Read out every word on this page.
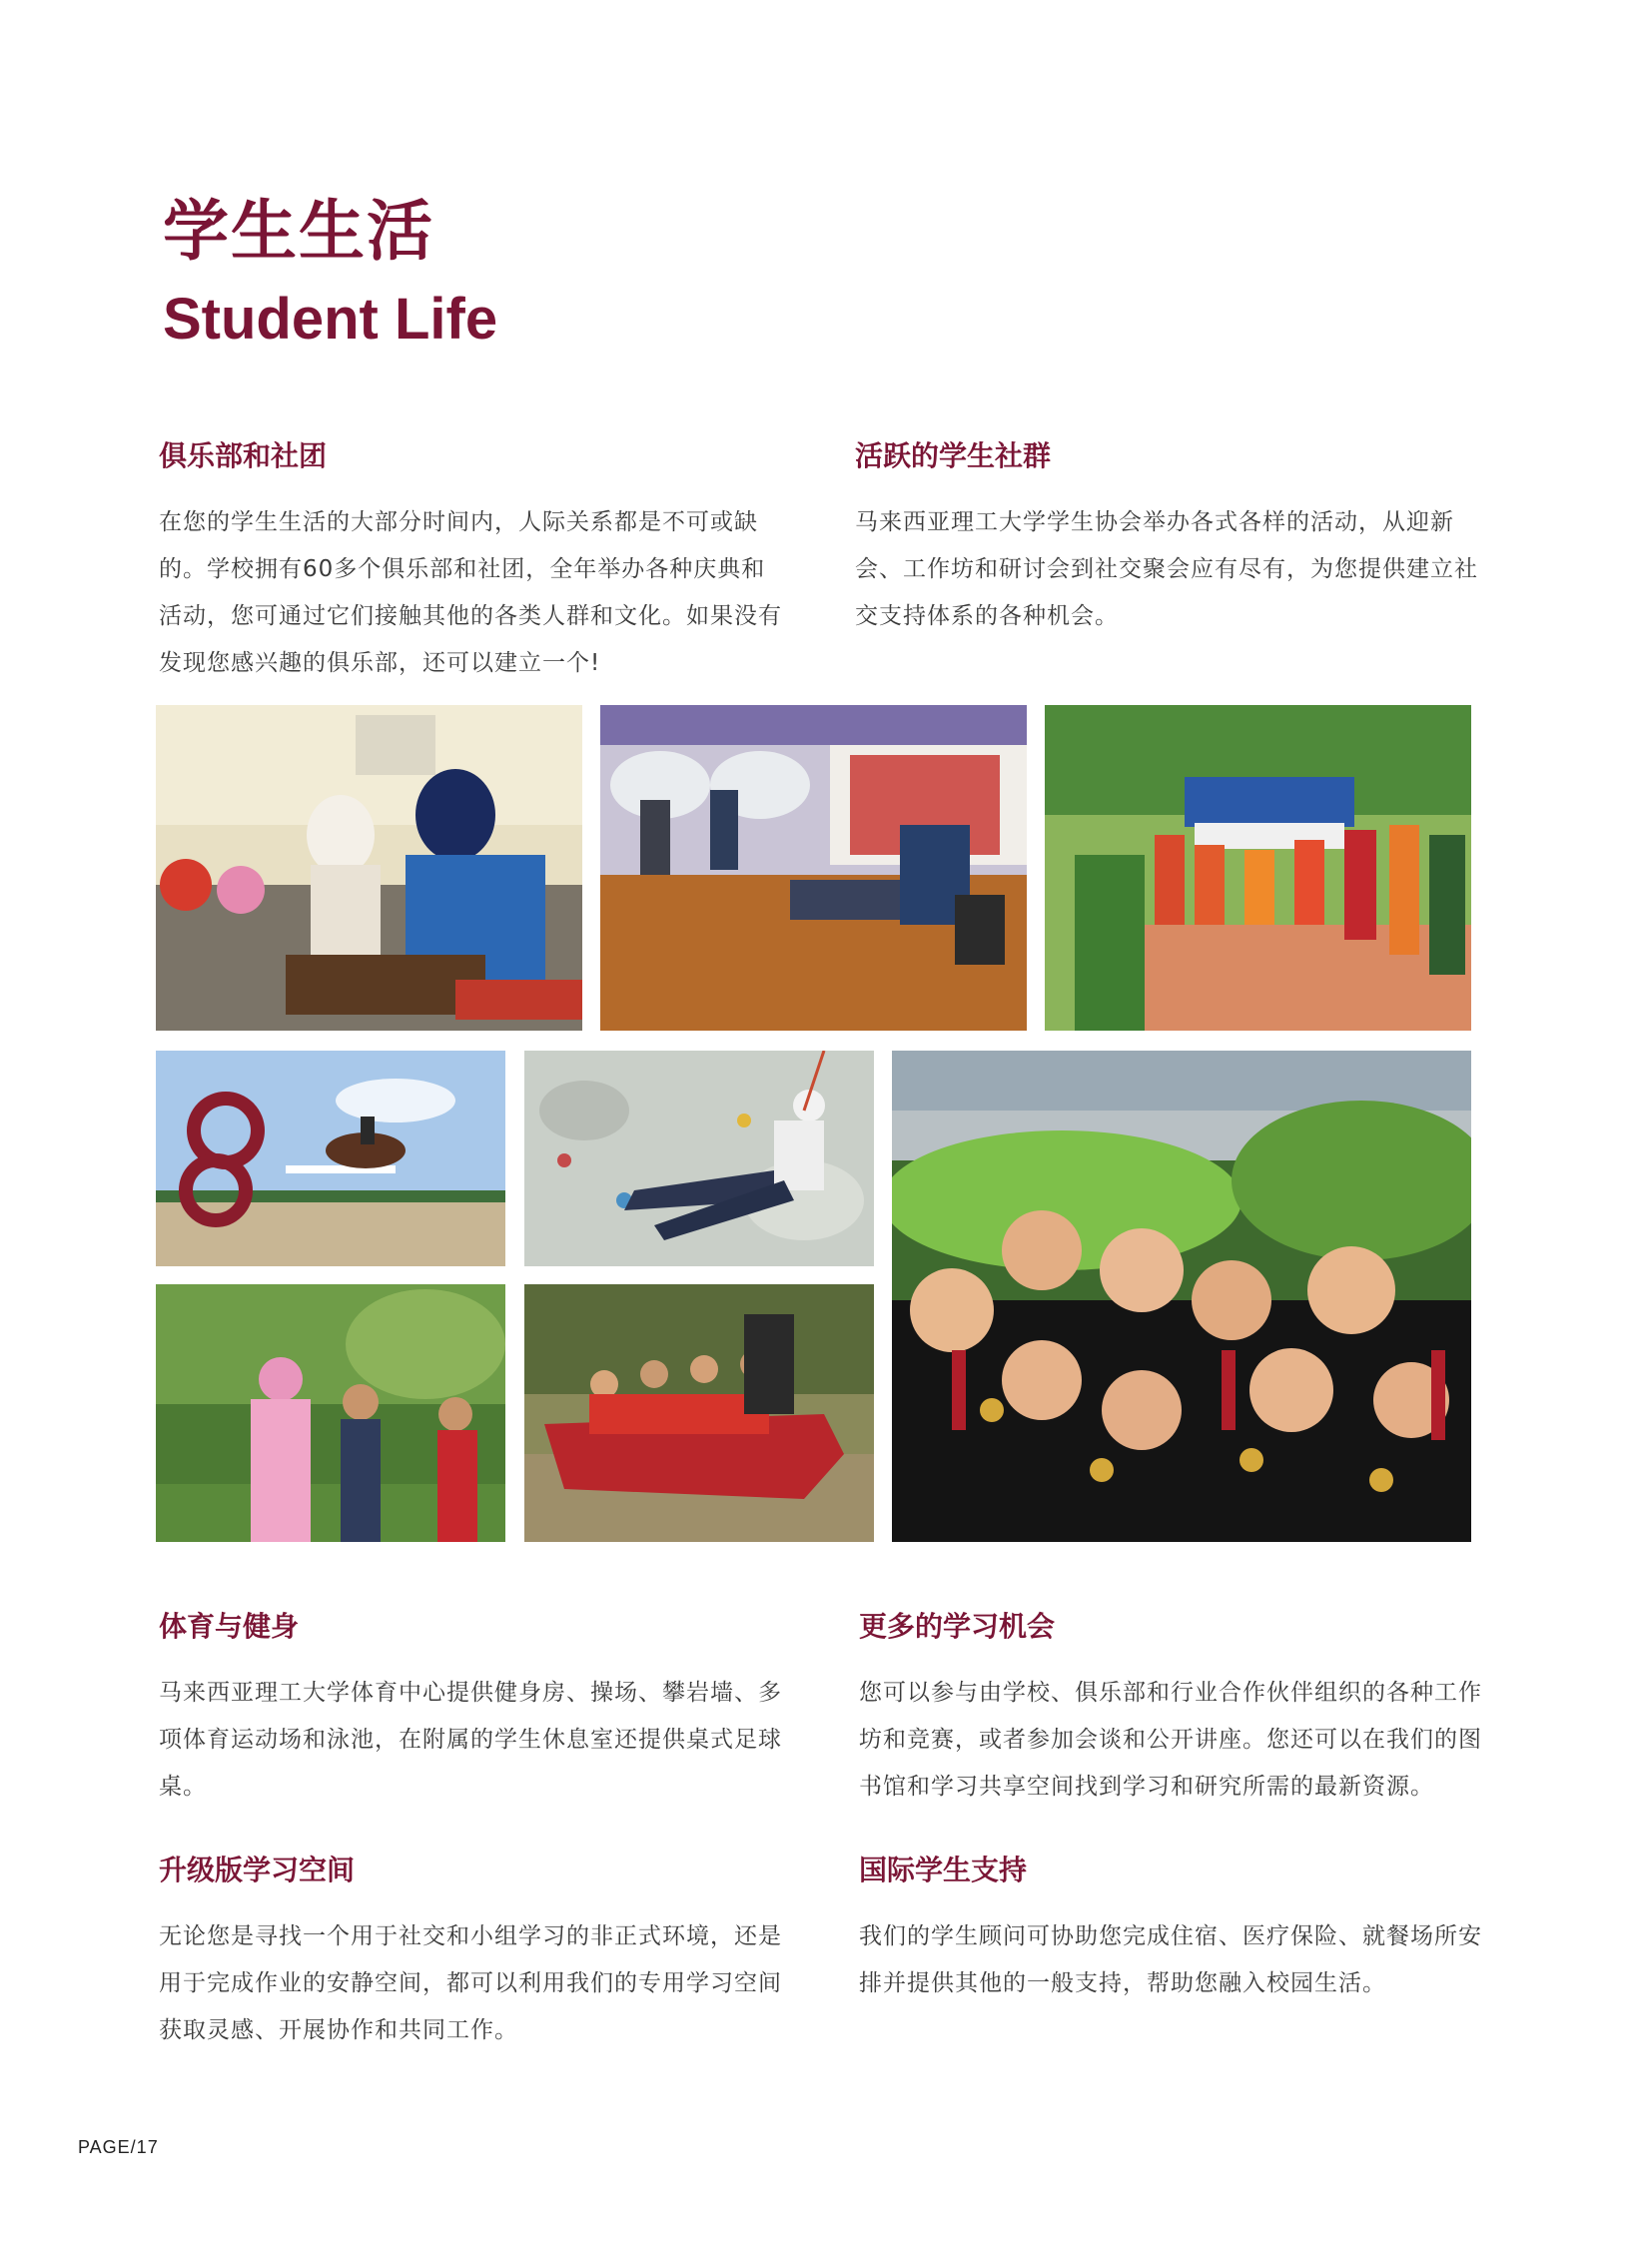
学生生活
Student Life
俱乐部和社团

在您的学生生活的大部分时间内，人际关系都是不可或缺的。学校拥有60多个俱乐部和社团，全年举办各种庆典和活动，您可通过它们接触其他的各类人群和文化。如果没有发现您感兴趣的俱乐部，还可以建立一个!

活跃的学生社群

马来西亚理工大学学生协会举办各式各样的活动，从迎新会、工作坊和研讨会到社交聚会应有尽有，为您提供建立社交支持体系的各种机会。

体育与健身

马来西亚理工大学体育中心提供健身房、操场、攀岩墙、多项体育运动场和泳池，在附属的学生休息室还提供桌式足球桌。

更多的学习机会

您可以参与由学校、俱乐部和行业合作伙伴组织的各种工作坊和竞赛，或者参加会谈和公开讲座。您还可以在我们的图书馆和学习共享空间找到学习和研究所需的最新资源。

升级版学习空间

无论您是寻找一个用于社交和小组学习的非正式环境，还是用于完成作业的安静空间，都可以利用我们的专用学习空间获取灵感、开展协作和共同工作。

国际学生支持

我们的学生顾问可协助您完成住宿、医疗保险、就餐场所安排并提供其他的一般支持，帮助您融入校园生活。

PAGE/17
